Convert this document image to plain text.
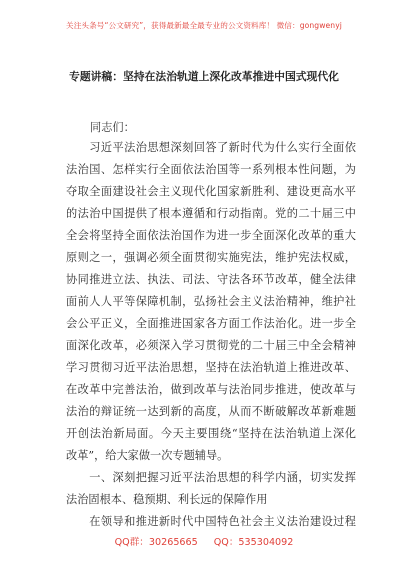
关注头条号“公文研究”，获得最新最全最专业的公文资料库！ 微信：gongwenyj
专题讲稿：坚持在法治轨道上深化改革推进中国式现代化
同志们：
　　习近平法治思想深刻回答了新时代为什么实行全面依
法治国、怎样实行全面依法治国等一系列根本性问题，为
夺取全面建设社会主义现代化国家新胜利、建设更高水平
的法治中国提供了根本遵循和行动指南。党的二十届三中
全会将坚持全面依法治国作为进一步全面深化改革的重大
原则之一，强调必须全面贯彻实施宪法，维护宪法权威，
协同推进立法、执法、司法、守法各环节改革，健全法律
面前人人平等保障机制，弘扬社会主义法治精神，维护社
会公平正义，全面推进国家各方面工作法治化。进一步全
面深化改革，必须深入学习贯彻党的二十届三中全会精神
学习贯彻习近平法治思想，坚持在法治轨道上推进改革、
在改革中完善法治，做到改革与法治同步推进，使改革与
法治的辩证统一达到新的高度，从而不断破解改革新难题
开创法治新局面。今天主要围绕“坚持在法治轨道上深化
改革”，给大家做一次专题辅导。
　　一、深刻把握习近平法治思想的科学内涵，切实发挥
法治固根本、稳预期、利长远的保障作用
　　在领导和推进新时代中国特色社会主义法治建设过程
QQ群：30265665 QQ：535304092
